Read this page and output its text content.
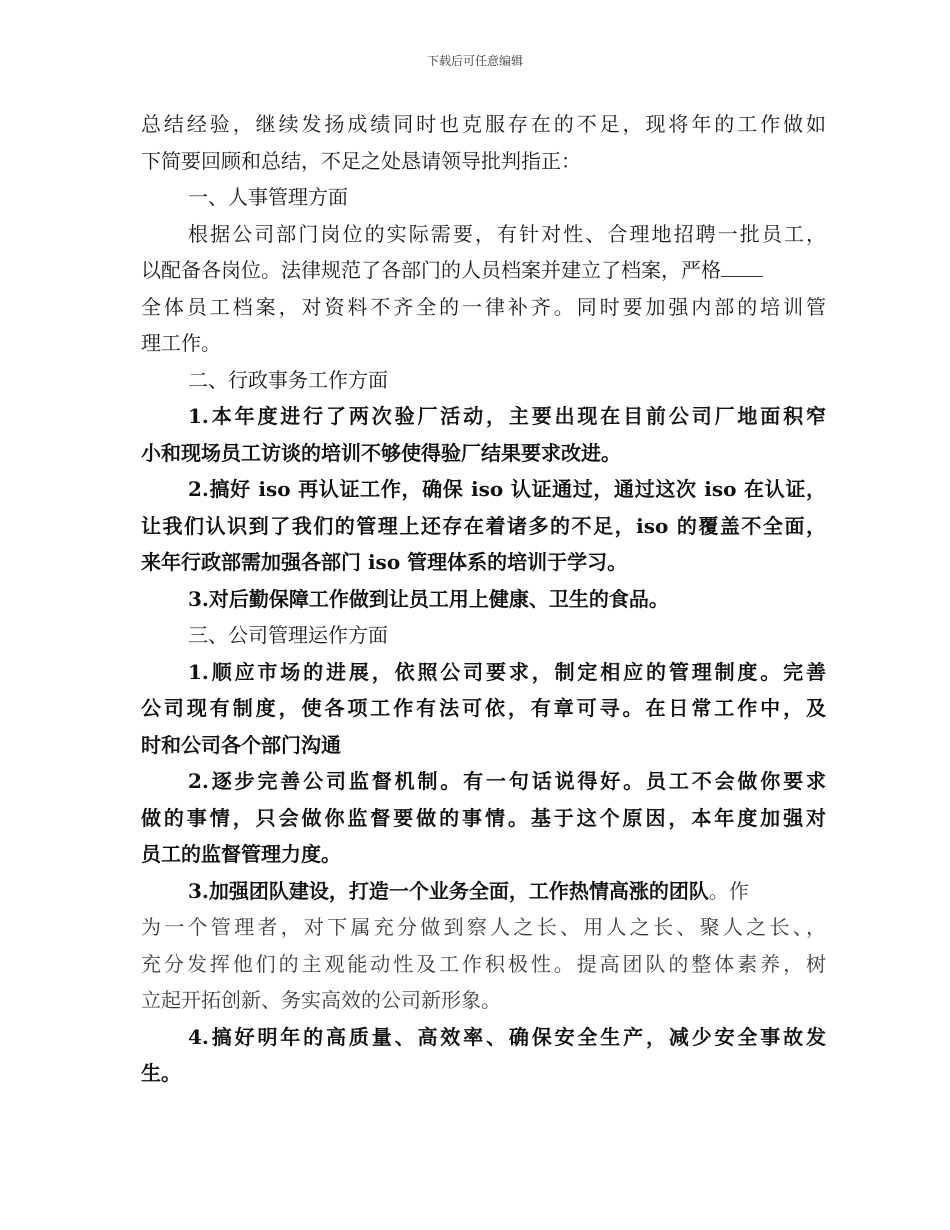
下载后可任意编辑
总结经验，继续发扬成绩同时也克服存在的不足，现将年的工作做如
下简要回顾和总结，不足之处恳请领导批判指正：
一、人事管理方面
根据公司部门岗位的实际需要，有针对性、合理地招聘一批员工，
以配备各岗位。法律规范了各部门的人员档案并建立了档案，严格
全体员工档案，对资料不齐全的一律补齐。同时要加强内部的培训管
理工作。
二、行政事务工作方面
1.本年度进行了两次验厂活动，主要出现在目前公司厂地面积窄
小和现场员工访谈的培训不够使得验厂结果要求改进。
2.搞好 iso 再认证工作，确保 iso 认证通过，通过这次 iso 在认证，
让我们认识到了我们的管理上还存在着诸多的不足，iso 的覆盖不全面，
来年行政部需加强各部门 iso 管理体系的培训于学习。
3.对后勤保障工作做到让员工用上健康、卫生的食品。
三、公司管理运作方面
1.顺应市场的进展，依照公司要求，制定相应的管理制度。完善
公司现有制度，使各项工作有法可依，有章可寻。在日常工作中，及
时和公司各个部门沟通
2.逐步完善公司监督机制。有一句话说得好。员工不会做你要求
做的事情，只会做你监督要做的事情。基于这个原因，本年度加强对
员工的监督管理力度。
3.加强团队建设，打造一个业务全面，工作热情高涨的团队。作
为一个管理者，对下属充分做到察人之长、用人之长、聚人之长、，
充分发挥他们的主观能动性及工作积极性。提高团队的整体素养，树
立起开拓创新、务实高效的公司新形象。
4.搞好明年的高质量、高效率、确保安全生产，减少安全事故发
生。
